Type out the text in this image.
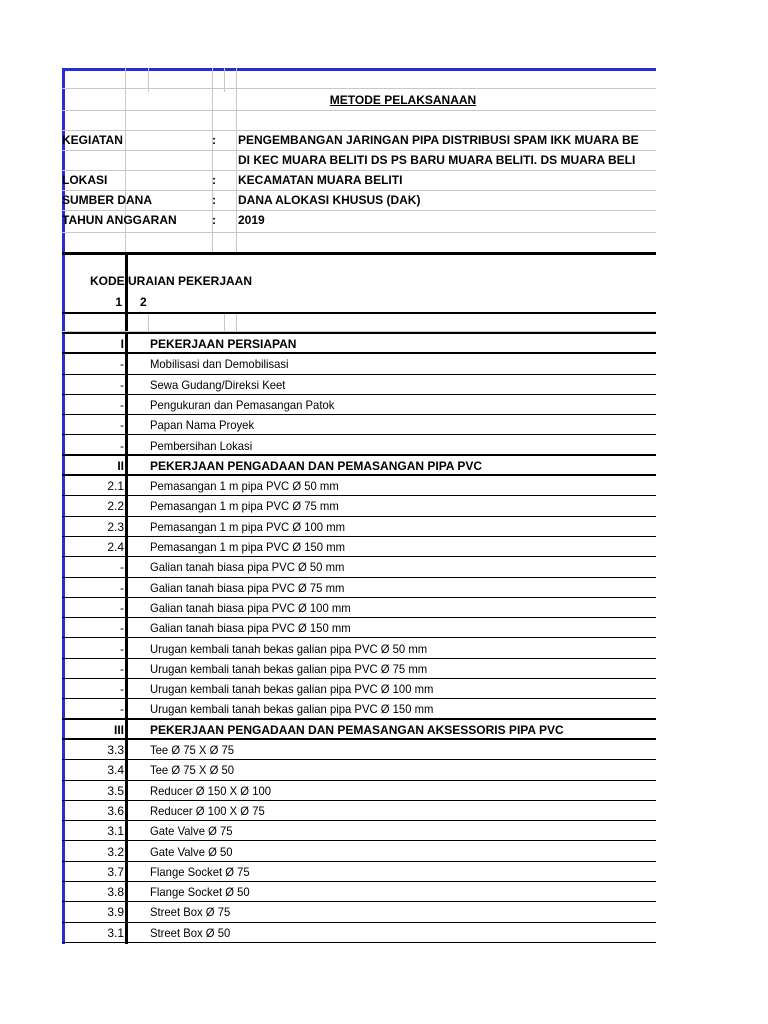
METODE PELAKSANAAN
KEGIATAN	:	PENGEMBANGAN JARINGAN PIPA DISTRIBUSI SPAM IKK MUARA BE
DI KEC MUARA BELITI DS PS BARU MUARA BELITI. DS MUARA BELI
LOKASI	:	KECAMATAN MUARA BELITI
SUMBER DANA	:	DANA ALOKASI KHUSUS (DAK)
TAHUN ANGGARAN	:	2019
KODE URAIAN PEKERJAAN
1 2
I PEKERJAAN PERSIAPAN
- Mobilisasi dan Demobilisasi
- Sewa Gudang/Direksi Keet
- Pengukuran dan Pemasangan Patok
- Papan Nama Proyek
- Pembersihan Lokasi
II PEKERJAAN PENGADAAN DAN PEMASANGAN PIPA PVC
2.1 Pemasangan 1 m pipa PVC Ø 50 mm
2.2 Pemasangan 1 m pipa PVC Ø 75 mm
2.3 Pemasangan 1 m pipa PVC Ø 100 mm
2.4 Pemasangan 1 m pipa PVC Ø 150 mm
- Galian tanah biasa pipa PVC Ø 50 mm
- Galian tanah biasa pipa PVC Ø 75 mm
- Galian tanah biasa pipa PVC Ø 100 mm
- Galian tanah biasa pipa PVC Ø 150 mm
- Urugan kembali tanah bekas galian pipa PVC Ø 50 mm
- Urugan kembali tanah bekas galian pipa PVC Ø 75 mm
- Urugan kembali tanah bekas galian pipa PVC Ø 100 mm
- Urugan kembali tanah bekas galian pipa PVC Ø 150 mm
III PEKERJAAN PENGADAAN DAN PEMASANGAN AKSESSORIS PIPA PVC
3.3 Tee Ø 75 X Ø 75
3.4 Tee Ø 75 X Ø 50
3.5 Reducer Ø 150 X Ø 100
3.6 Reducer Ø 100 X Ø 75
3.1 Gate Valve Ø 75
3.2 Gate Valve Ø 50
3.7 Flange Socket Ø 75
3.8 Flange Socket Ø 50
3.9 Street Box Ø 75
3.1 Street Box Ø 50
